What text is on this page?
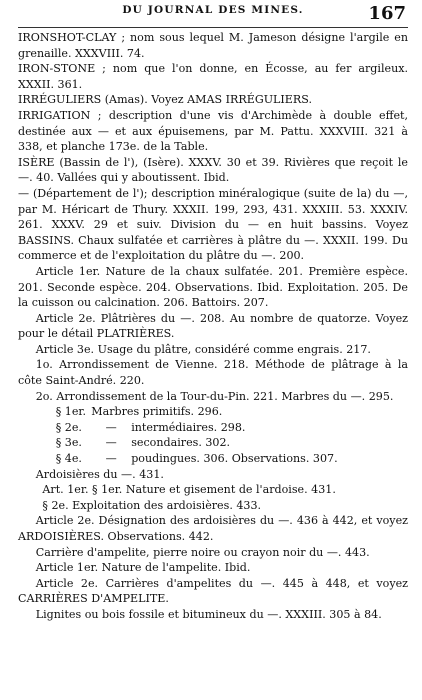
DU JOURNAL DES MINES.	167

IRONSHOT-CLAY ; nom sous lequel M. Jameson désigne l'argile en grenaille. XXXVIII. 74.

IRON-STONE ; nom que l'on donne, en Écosse, au fer argileux. XXXII. 361.

IRRÉGULIERS (Amas). Voyez AMAS IRRÉGULIERS.

IRRIGATION ; description d'une vis d'Archimède à double effet, destinée aux — et aux épuisemens, par M. Pattu. XXXVIII. 321 à 338, et planche 173e. de la Table.

ISÈRE (Bassin de l'), (Isère). XXXV. 30 et 39. Rivières que reçoit le —. 40. Vallées qui y aboutissent. Ibid.

— (Département de l'); description minéralogique (suite de la) du —, par M. Héricart de Thury. XXXII. 199, 293, 431. XXXIII. 53. XXXIV. 261. XXXV. 29 et suiv. Division du — en huit bassins. Voyez BASSINS. Chaux sulfatée et carrières à plâtre du —. XXXII. 199. Du commerce et de l'exploitation du plâtre du —. 200.

Article 1er. Nature de la chaux sulfatée. 201. Première espèce. 201. Seconde espèce. 204. Observations. Ibid. Exploitation. 205. De la cuisson ou calcination. 206. Battoirs. 207.

Article 2e. Plâtrières du —. 208. Au nombre de quatorze. Voyez pour le détail PLATRIÈRES.

Article 3e. Usage du plâtre, considéré comme engrais. 217.

1o. Arrondissement de Vienne. 218. Méthode de plâtrage à la côte Saint-André. 220.

2o. Arrondissement de la Tour-du-Pin. 221. Marbres du —. 295.

§ 1er. Marbres primitifs. 296.
§ 2e.	—	intermédiaires. 298.
§ 3e.	—	secondaires. 302.
§ 4e.	—	poudingues. 306. Observations. 307.

Ardoisières du —. 431.

Art. 1er. § 1er. Nature et gisement de l'ardoise. 431.

§ 2e. Exploitation des ardoisières. 433.

Article 2e. Désignation des ardoisières du —. 436 à 442, et voyez ARDOISIÈRES. Observations. 442.

Carrière d'ampelite, pierre noire ou crayon noir du —. 443.

Article 1er. Nature de l'ampelite. Ibid.

Article 2e. Carrières d'ampelites du —. 445 à 448, et voyez CARRIÈRES D'AMPELITE.

Lignites ou bois fossile et bitumineux du —. XXXIII. 305 à 84.
